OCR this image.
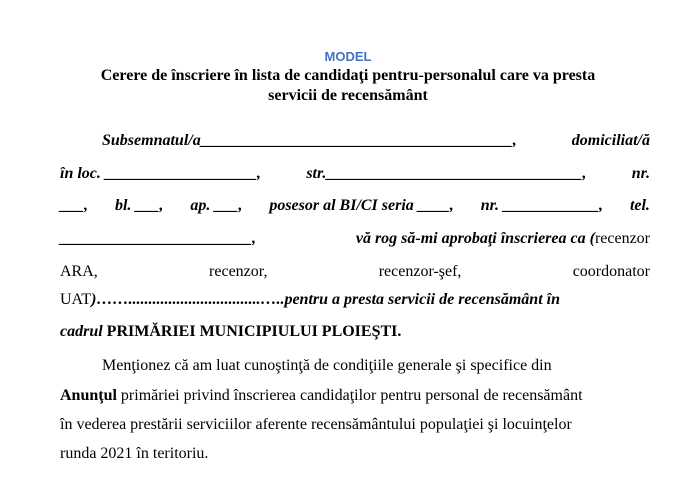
MODEL
Cerere de înscriere în lista de candidaţi pentru-personalul care va presta
servicii de recensământ
Subsemnatul/a_______________________________________,	domiciliat/ă
în loc. ___________________,	str.________________________________,	nr.
___, bl. ___, ap. ___, posesor al BI/CI seria ____, nr. ____________, tel.
________________________,	vă rog să-mi aprobaţi înscrierea ca (recenzor
ARA,	recenzor,	recenzor-şef,	coordonator
UAT)…….................................…..pentru a presta servicii de recensământ în
cadrul PRIMĂRIEI MUNICIPIULUI PLOIEŞTI.
Menţionez că am luat cunoştinţă de condiţiile generale şi specifice din
Anunţul primăriei privind înscrierea candidaţilor pentru personal de recensământ
în vederea prestării serviciilor aferente recensământului populaţiei şi locuinţelor
runda 2021 în teritoriu.
